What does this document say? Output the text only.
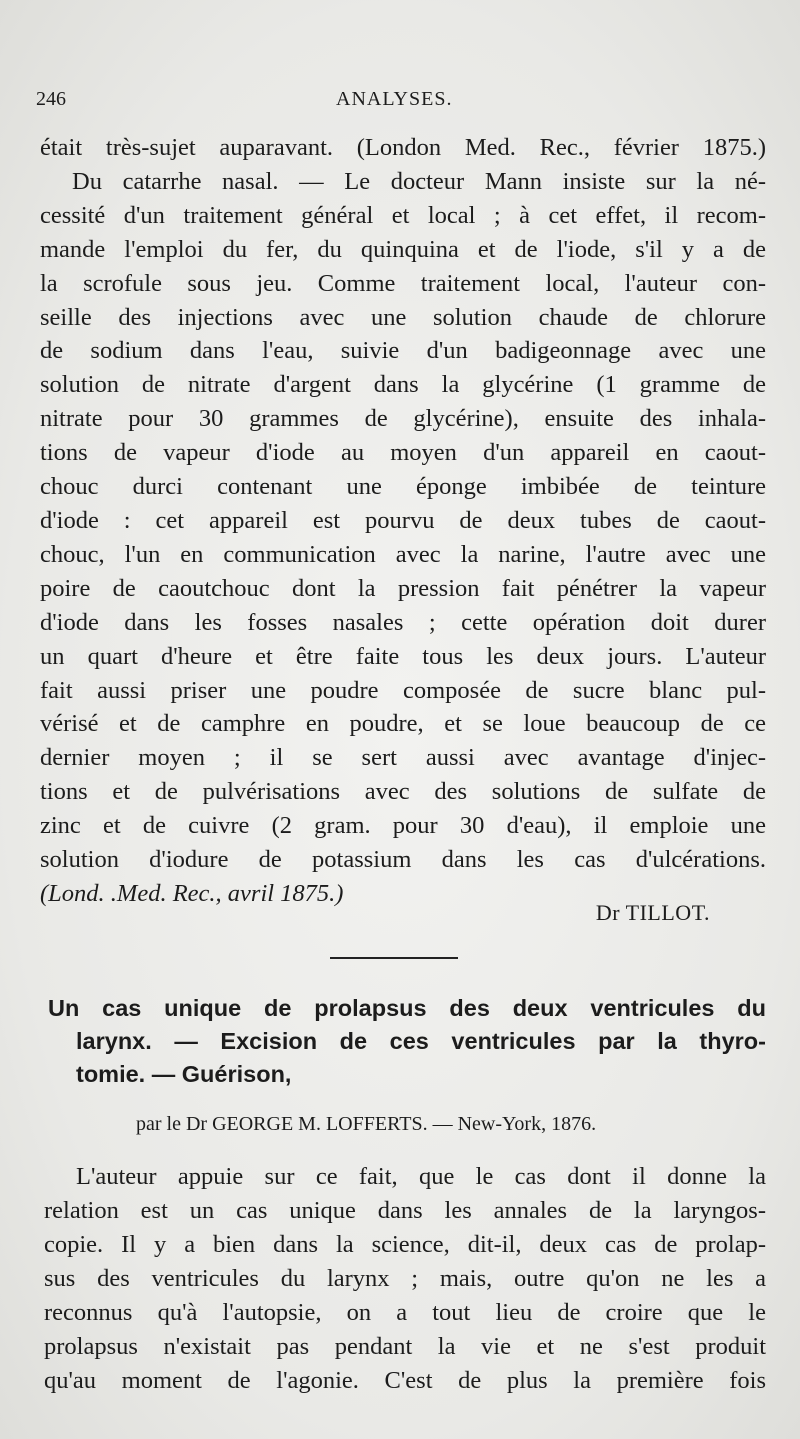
246	ANALYSES.
était très-sujet auparavant. (London Med. Rec., février 1875.)
Du catarrhe nasal. — Le docteur Mann insiste sur la né-
cessité d'un traitement général et local ; à cet effet, il recom-
mande l'emploi du fer, du quinquina et de l'iode, s'il y a de
la scrofule sous jeu. Comme traitement local, l'auteur con-
seille des injections avec une solution chaude de chlorure
de sodium dans l'eau, suivie d'un badigeonnage avec une
solution de nitrate d'argent dans la glycérine (1 gramme de
nitrate pour 30 grammes de glycérine), ensuite des inhala-
tions de vapeur d'iode au moyen d'un appareil en caout-
chouc durci contenant une éponge imbibée de teinture
d'iode : cet appareil est pourvu de deux tubes de caout-
chouc, l'un en communication avec la narine, l'autre avec une
poire de caoutchouc dont la pression fait pénétrer la vapeur
d'iode dans les fosses nasales ; cette opération doit durer
un quart d'heure et être faite tous les deux jours. L'auteur
fait aussi priser une poudre composée de sucre blanc pul-
vérisé et de camphre en poudre, et se loue beaucoup de ce
dernier moyen ; il se sert aussi avec avantage d'injec-
tions et de pulvérisations avec des solutions de sulfate de
zinc et de cuivre (2 gram. pour 30 d'eau), il emploie une
solution d'iodure de potassium dans les cas d'ulcérations.
(Lond. .Med. Rec., avril 1875.)
Dr TILLOT.
Un cas unique de prolapsus des deux ventricules du
larynx. — Excision de ces ventricules par la thyro-
tomie. — Guérison,
par le Dr GEORGE M. LOFFERTS. — New-York, 1876.
L'auteur appuie sur ce fait, que le cas dont il donne la
relation est un cas unique dans les annales de la laryngos-
copie. Il y a bien dans la science, dit-il, deux cas de prolap-
sus des ventricules du larynx ; mais, outre qu'on ne les a
reconnus qu'à l'autopsie, on a tout lieu de croire que le
prolapsus n'existait pas pendant la vie et ne s'est produit
qu'au moment de l'agonie. C'est de plus la première fois
